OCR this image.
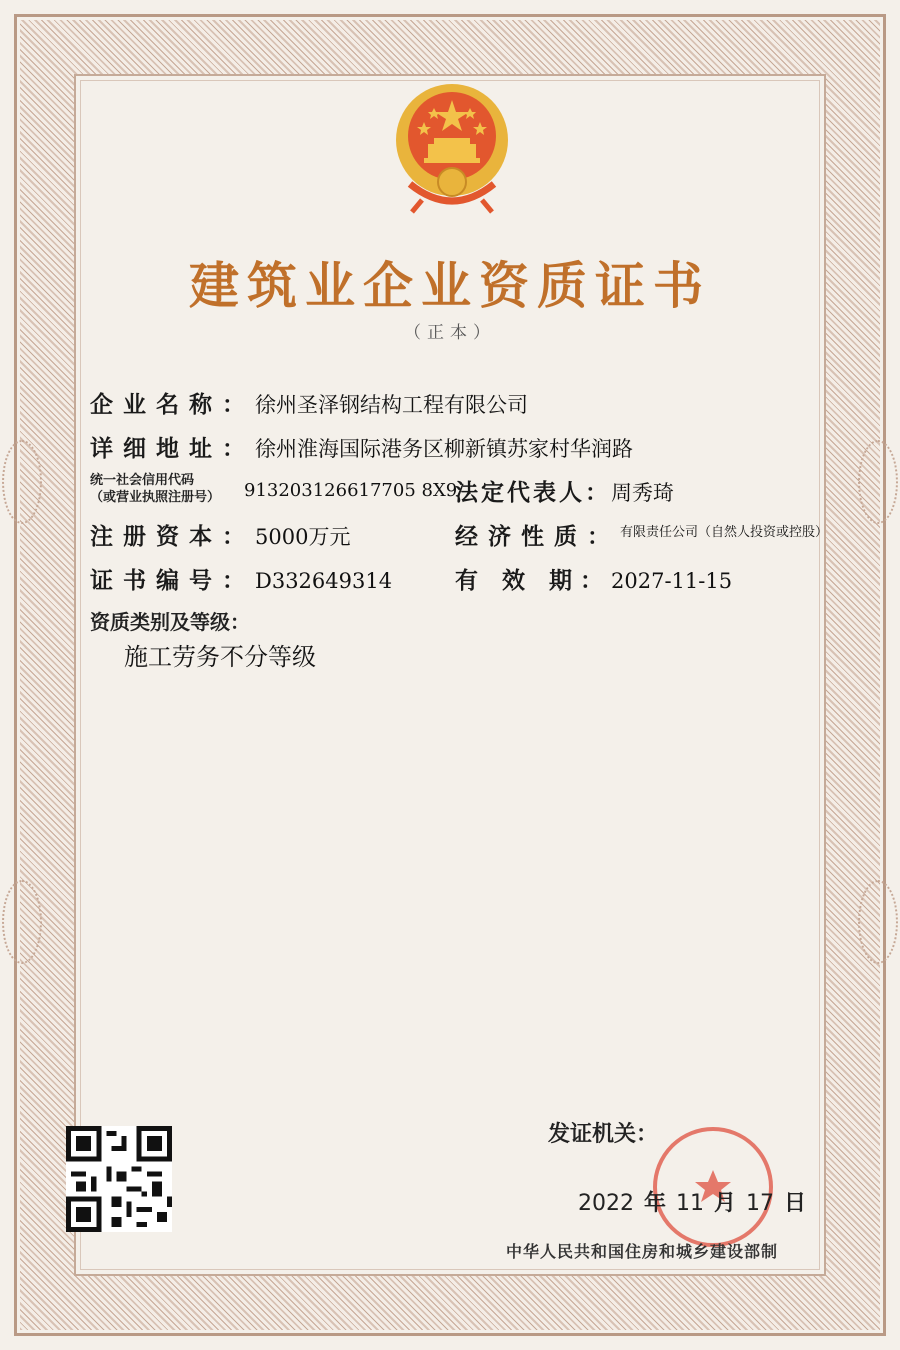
建筑业企业资质证书
（正本）
企业名称：徐州圣泽钢结构工程有限公司
详细地址：徐州淮海国际港务区柳新镇苏家村华润路
统一社会信用代码
（或营业执照注册号） 913203126617705 8X9
法定代表人：周秀琦
注册资本：5000万元	经济性质：$^{有限责任公司(自然人投资或控股)}$
证书编号：D332649314	有 效 期：2027-11-15
资质类别及等级：
施工劳务不分等级
发证机关：
2022 年 11 月 17 日
中华人民共和国住房和城乡建设部制
